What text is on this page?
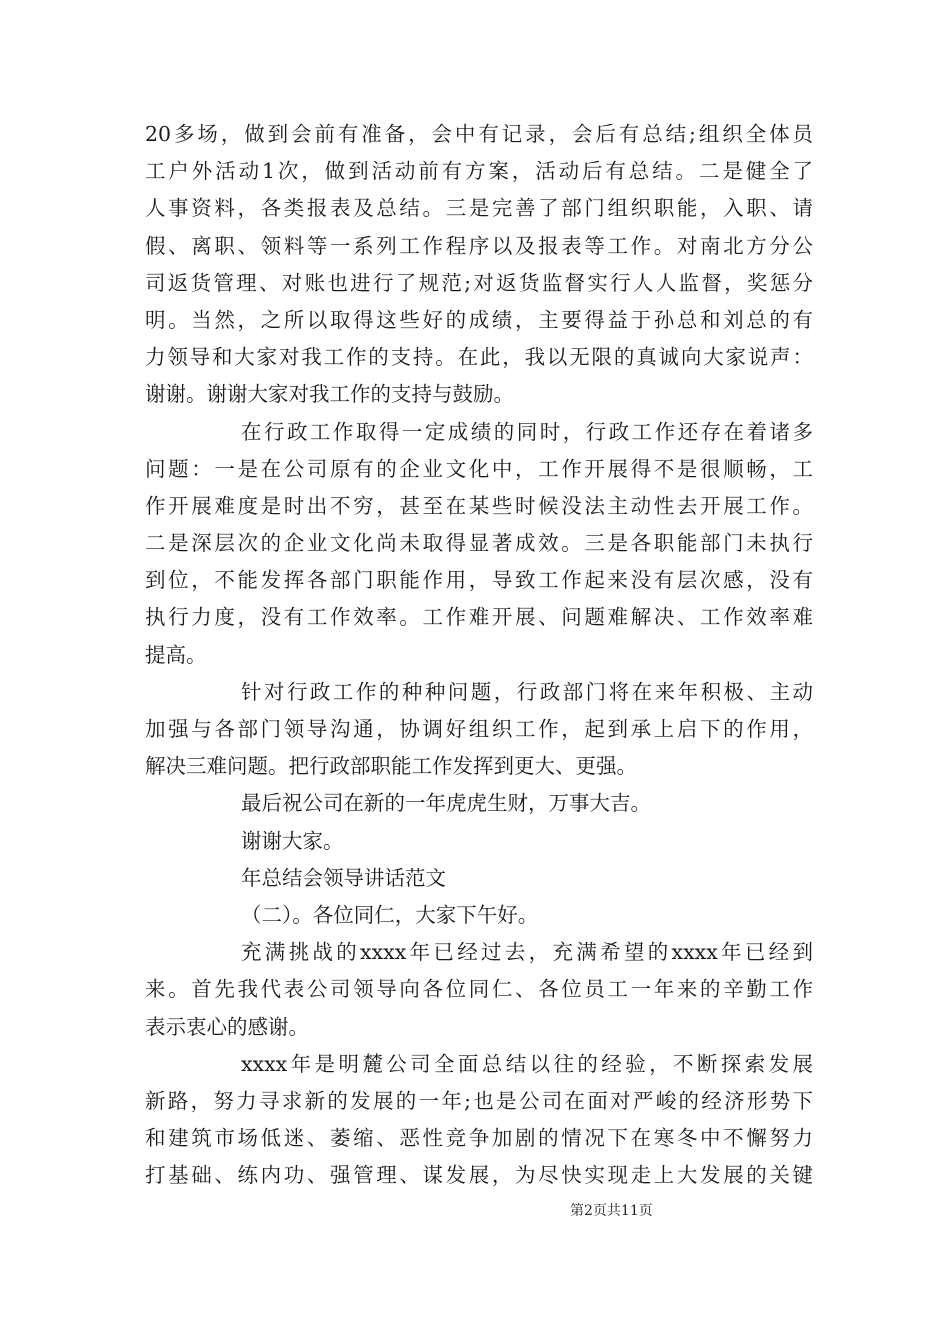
20多场，做到会前有准备，会中有记录，会后有总结;组织全体员
工户外活动1次，做到活动前有方案，活动后有总结。二是健全了
人事资料，各类报表及总结。三是完善了部门组织职能，入职、请
假、离职、领料等一系列工作程序以及报表等工作。对南北方分公
司返货管理、对账也进行了规范;对返货监督实行人人监督，奖惩分
明。当然，之所以取得这些好的成绩，主要得益于孙总和刘总的有
力领导和大家对我工作的支持。在此，我以无限的真诚向大家说声：
谢谢。谢谢大家对我工作的支持与鼓励。
在行政工作取得一定成绩的同时，行政工作还存在着诸多
问题：一是在公司原有的企业文化中，工作开展得不是很顺畅，工
作开展难度是时出不穷，甚至在某些时候没法主动性去开展工作。
二是深层次的企业文化尚未取得显著成效。三是各职能部门未执行
到位，不能发挥各部门职能作用，导致工作起来没有层次感，没有
执行力度，没有工作效率。工作难开展、问题难解决、工作效率难
提高。
针对行政工作的种种问题，行政部门将在来年积极、主动
加强与各部门领导沟通，协调好组织工作，起到承上启下的作用，
解决三难问题。把行政部职能工作发挥到更大、更强。
最后祝公司在新的一年虎虎生财，万事大吉。
谢谢大家。
年总结会领导讲话范文
（二）。各位同仁，大家下午好。
充满挑战的xxxx年已经过去，充满希望的xxxx年已经到
来。首先我代表公司领导向各位同仁、各位员工一年来的辛勤工作
表示衷心的感谢。
xxxx年是明麓公司全面总结以往的经验，不断探索发展
新路，努力寻求新的发展的一年;也是公司在面对严峻的经济形势下
和建筑市场低迷、萎缩、恶性竞争加剧的情况下在寒冬中不懈努力
打基础、练内功、强管理、谋发展，为尽快实现走上大发展的关键
第2页共11页
